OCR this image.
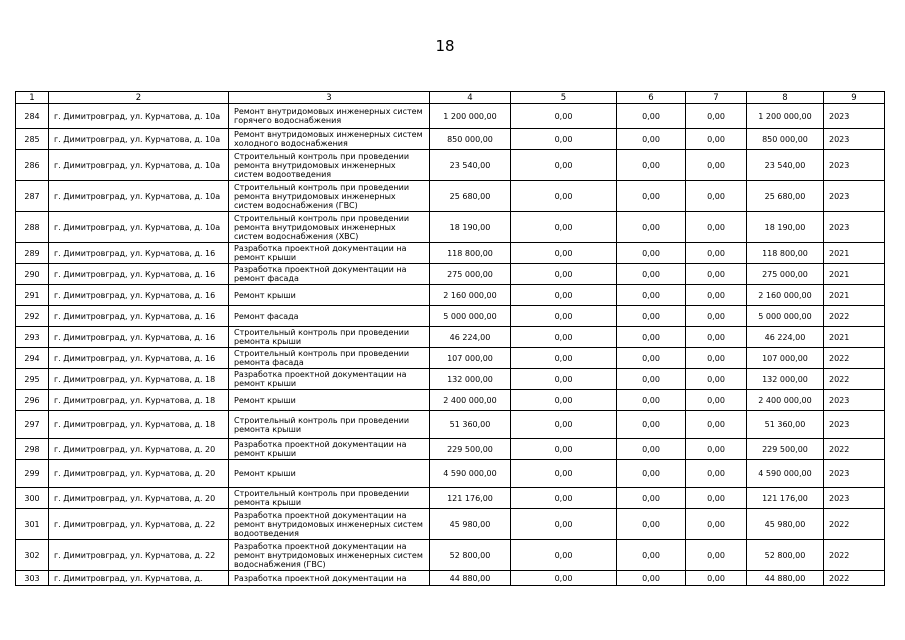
18
1	2	3	4	5	6	7	8	9
284	г. Димитровград, ул. Курчатова, д. 10а	Ремонт внутридомовых инженерных систем горячего водоснабжения	1 200 000,00	0,00	0,00	0,00	1 200 000,00	2023
285	г. Димитровград, ул. Курчатова, д. 10а	Ремонт внутридомовых инженерных систем холодного водоснабжения	850 000,00	0,00	0,00	0,00	850 000,00	2023
286	г. Димитровград, ул. Курчатова, д. 10а	Строительный контроль при проведении ремонта внутридомовых инженерных систем водоотведения	23 540,00	0,00	0,00	0,00	23 540,00	2023
287	г. Димитровград, ул. Курчатова, д. 10а	Строительный контроль при проведении ремонта внутридомовых инженерных систем водоснабжения (ГВС)	25 680,00	0,00	0,00	0,00	25 680,00	2023
288	г. Димитровград, ул. Курчатова, д. 10а	Строительный контроль при проведении ремонта внутридомовых инженерных систем водоснабжения (ХВС)	18 190,00	0,00	0,00	0,00	18 190,00	2023
289	г. Димитровград, ул. Курчатова, д. 16	Разработка проектной документации на ремонт крыши	118 800,00	0,00	0,00	0,00	118 800,00	2021
290	г. Димитровград, ул. Курчатова, д. 16	Разработка проектной документации на ремонт фасада	275 000,00	0,00	0,00	0,00	275 000,00	2021
291	г. Димитровград, ул. Курчатова, д. 16	Ремонт крыши	2 160 000,00	0,00	0,00	0,00	2 160 000,00	2021
292	г. Димитровград, ул. Курчатова, д. 16	Ремонт фасада	5 000 000,00	0,00	0,00	0,00	5 000 000,00	2022
293	г. Димитровград, ул. Курчатова, д. 16	Строительный контроль при проведении ремонта крыши	46 224,00	0,00	0,00	0,00	46 224,00	2021
294	г. Димитровград, ул. Курчатова, д. 16	Строительный контроль при проведении ремонта фасада	107 000,00	0,00	0,00	0,00	107 000,00	2022
295	г. Димитровград, ул. Курчатова, д. 18	Разработка проектной документации на ремонт крыши	132 000,00	0,00	0,00	0,00	132 000,00	2022
296	г. Димитровград, ул. Курчатова, д. 18	Ремонт крыши	2 400 000,00	0,00	0,00	0,00	2 400 000,00	2023
297	г. Димитровград, ул. Курчатова, д. 18	Строительный контроль при проведении ремонта крыши	51 360,00	0,00	0,00	0,00	51 360,00	2023
298	г. Димитровград, ул. Курчатова, д. 20	Разработка проектной документации на ремонт крыши	229 500,00	0,00	0,00	0,00	229 500,00	2022
299	г. Димитровград, ул. Курчатова, д. 20	Ремонт крыши	4 590 000,00	0,00	0,00	0,00	4 590 000,00	2023
300	г. Димитровград, ул. Курчатова, д. 20	Строительный контроль при проведении ремонта крыши	121 176,00	0,00	0,00	0,00	121 176,00	2023
301	г. Димитровград, ул. Курчатова, д. 22	Разработка проектной документации на ремонт внутридомовых инженерных систем водоотведения	45 980,00	0,00	0,00	0,00	45 980,00	2022
302	г. Димитровград, ул. Курчатова, д. 22	Разработка проектной документации на ремонт внутридомовых инженерных систем водоснабжения (ГВС)	52 800,00	0,00	0,00	0,00	52 800,00	2022
303	г. Димитровград, ул. Курчатова, д.	Разработка проектной документации на	44 880,00	0,00	0,00	0,00	44 880,00	2022
